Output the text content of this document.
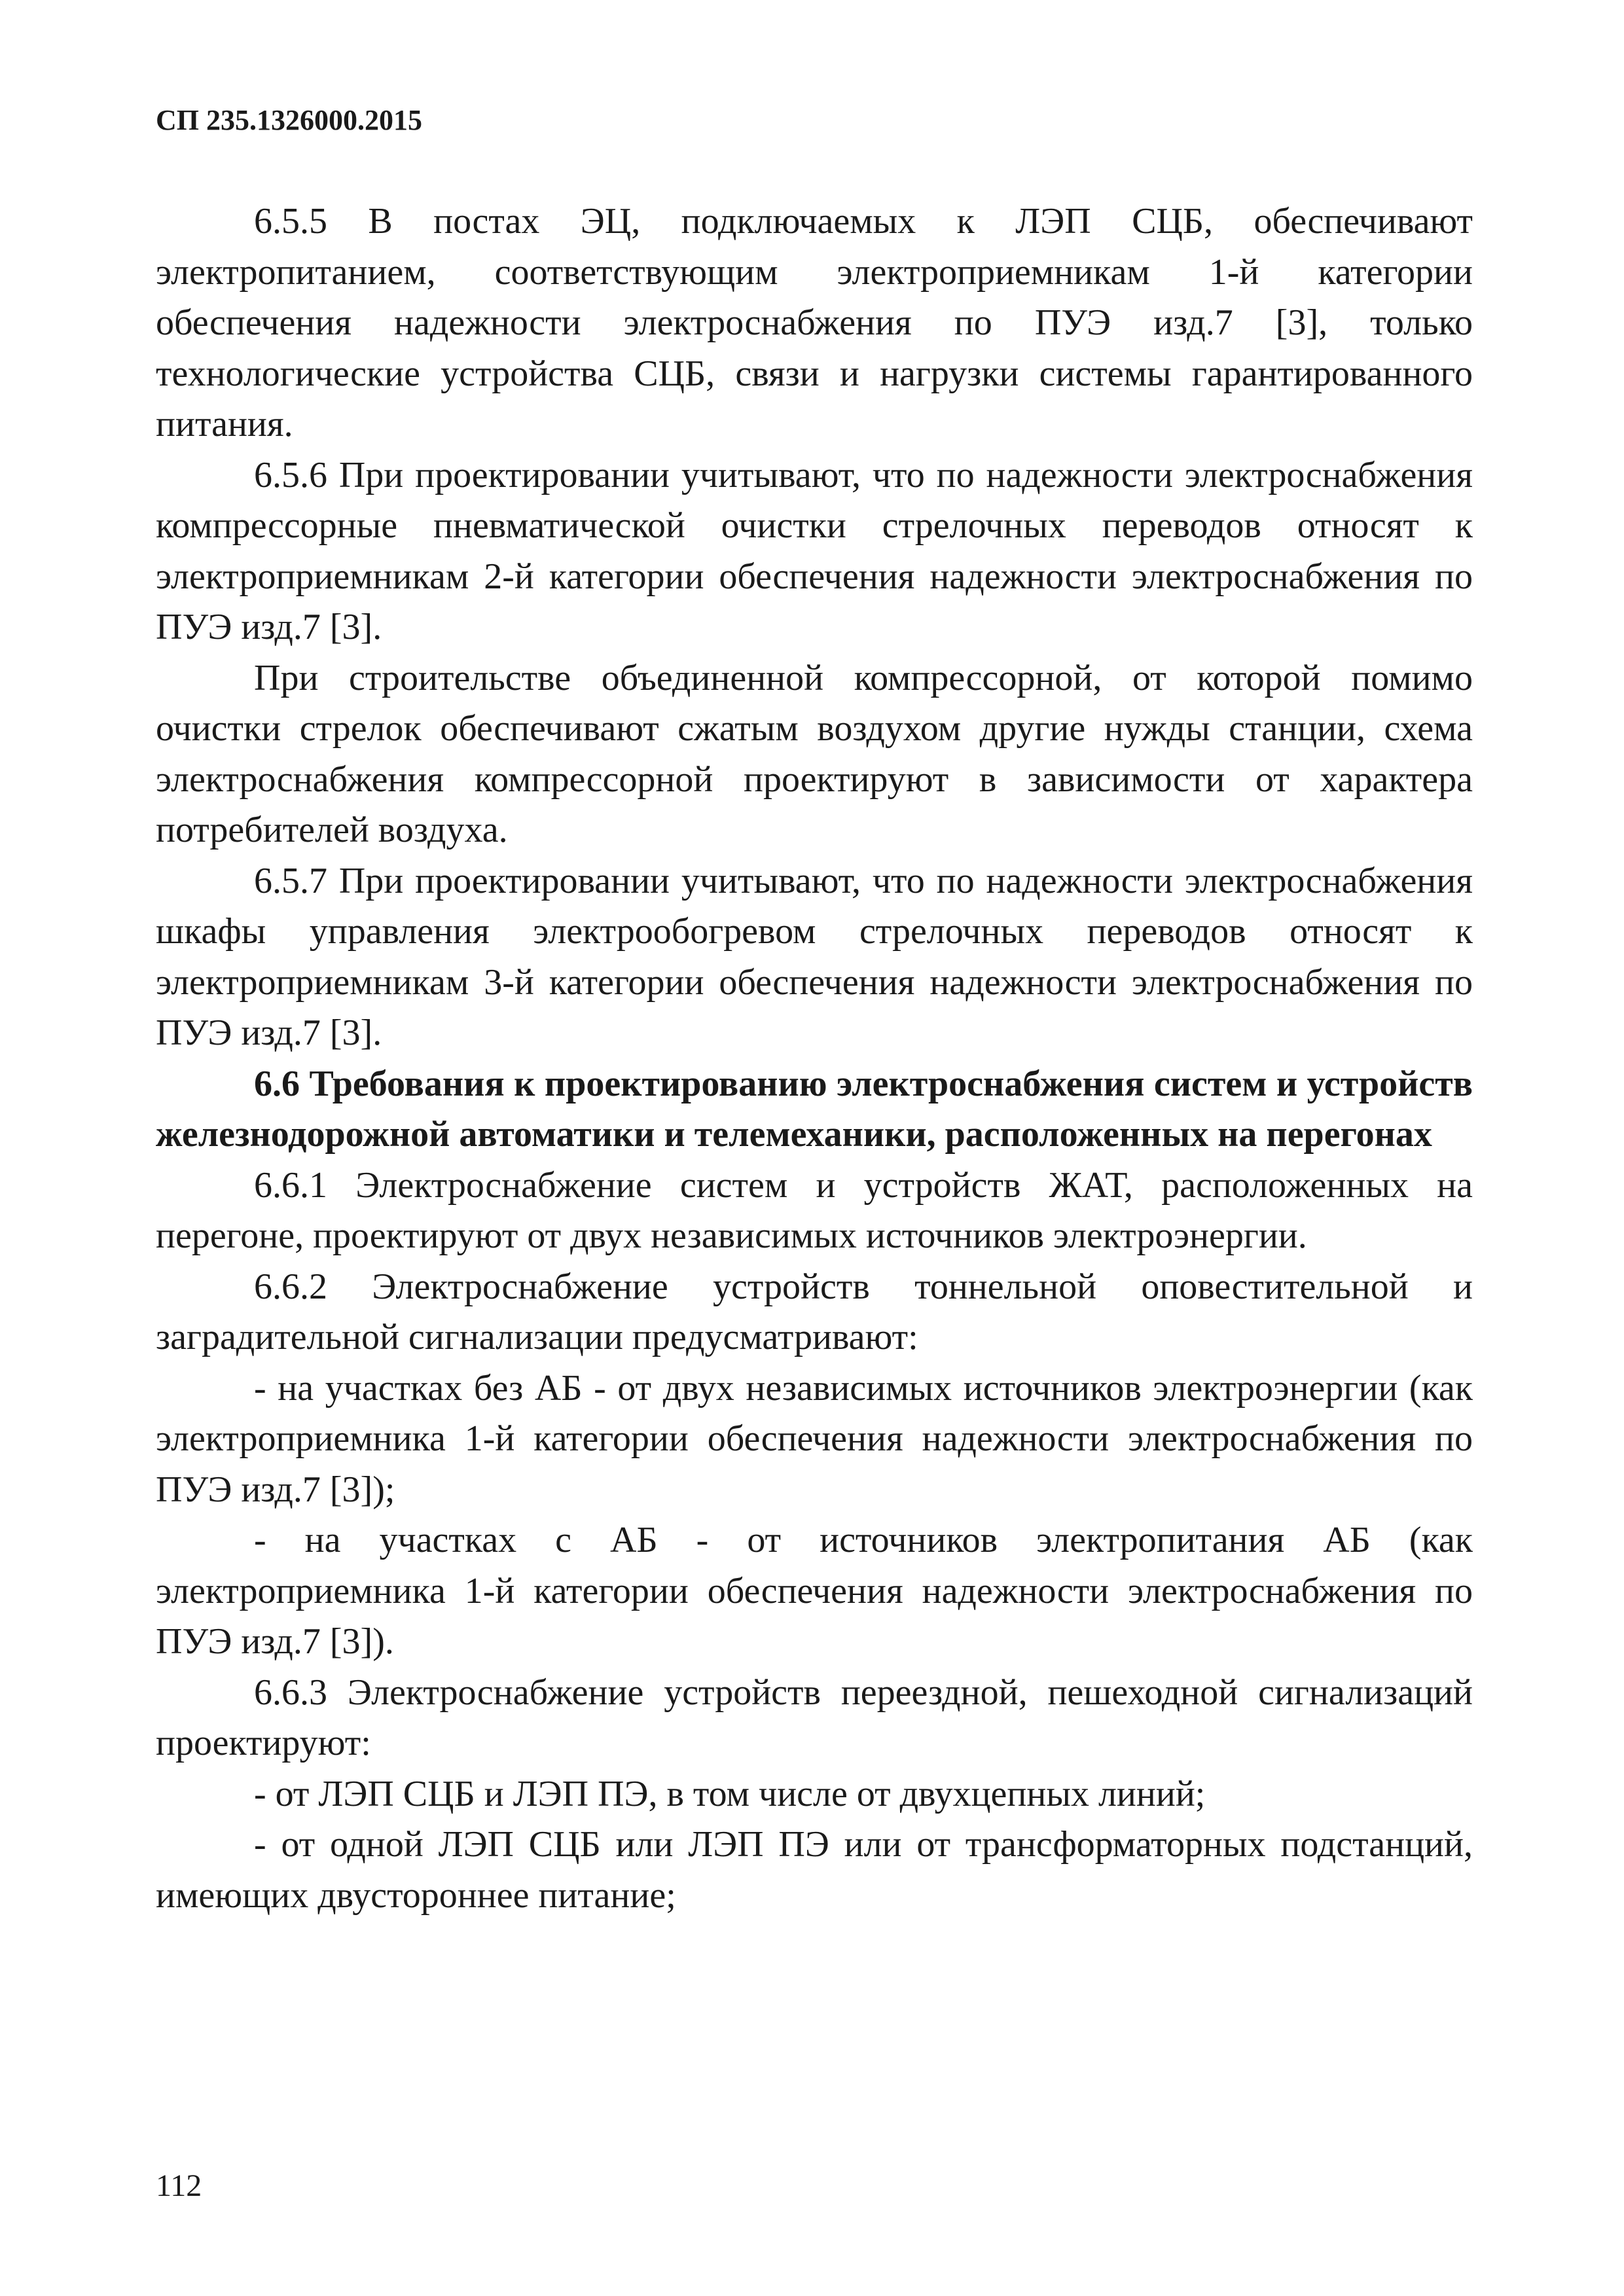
СП 235.1326000.2015

6.5.5 В постах ЭЦ, подключаемых к ЛЭП СЦБ, обеспечивают электропитанием, соответствующим электроприемникам 1-й категории обеспечения надежности электроснабжения по ПУЭ изд.7 [3], только технологические устройства СЦБ, связи и нагрузки системы гарантированного питания.

6.5.6 При проектировании учитывают, что по надежности электроснабжения компрессорные пневматической очистки стрелочных переводов относят к электроприемникам 2-й категории обеспечения надежности электроснабжения по ПУЭ изд.7 [3].

При строительстве объединенной компрессорной, от которой помимо очистки стрелок обеспечивают сжатым воздухом другие нужды станции, схема электроснабжения компрессорной проектируют в зависимости от характера потребителей воздуха.

6.5.7 При проектировании учитывают, что по надежности электроснабжения шкафы управления электрообогревом стрелочных переводов относят к электроприемникам 3-й категории обеспечения надежности электроснабжения по ПУЭ изд.7 [3].

6.6 Требования к проектированию электроснабжения систем и устройств железнодорожной автоматики и телемеханики, расположенных на перегонах

6.6.1 Электроснабжение систем и устройств ЖАТ, расположенных на перегоне, проектируют от двух независимых источников электроэнергии.

6.6.2 Электроснабжение устройств тоннельной оповестительной и заградительной сигнализации предусматривают:

- на участках без АБ - от двух независимых источников электроэнергии (как электроприемника 1-й категории обеспечения надежности электроснабжения по ПУЭ изд.7 [3]);

- на участках с АБ - от источников электропитания АБ (как электроприемника 1-й категории обеспечения надежности электроснабжения по ПУЭ изд.7 [3]).

6.6.3 Электроснабжение устройств переездной, пешеходной сигнализаций проектируют:

- от ЛЭП СЦБ и ЛЭП ПЭ, в том числе от двухцепных линий;

- от одной ЛЭП СЦБ или ЛЭП ПЭ или от трансформаторных подстанций, имеющих двустороннее питание;

112
